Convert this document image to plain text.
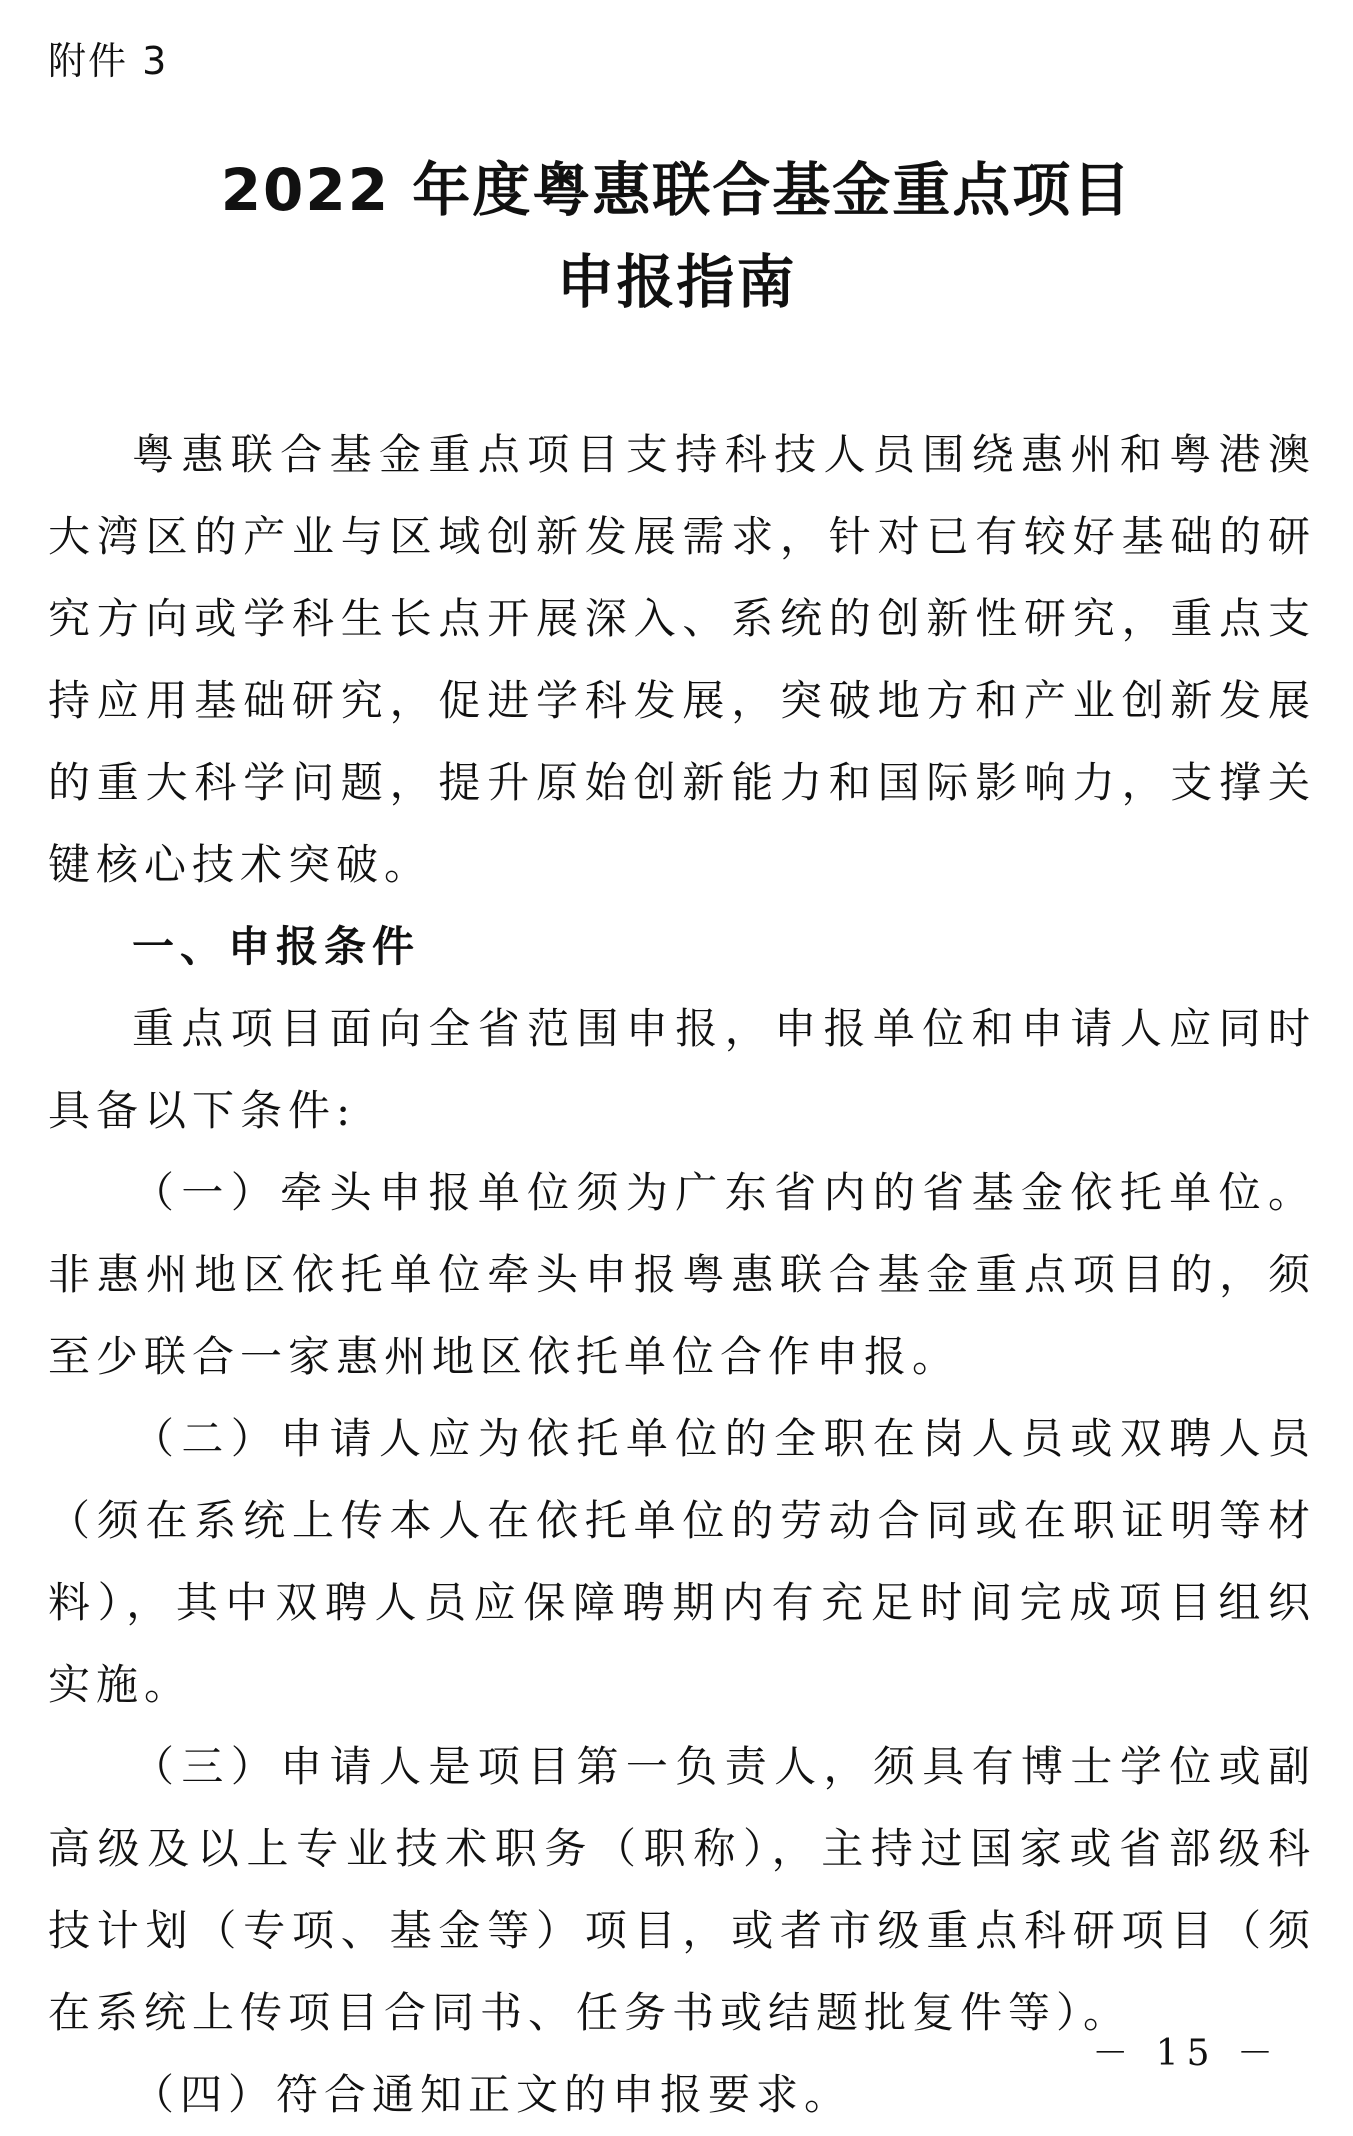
附件 3
2022 年度粤惠联合基金重点项目
申报指南

粤惠联合基金重点项目支持科技人员围绕惠州和粤港澳大湾区的产业与区域创新发展需求，针对已有较好基础的研究方向或学科生长点开展深入、系统的创新性研究，重点支持应用基础研究，促进学科发展，突破地方和产业创新发展的重大科学问题，提升原始创新能力和国际影响力，支撑关键核心技术突破。

一、申报条件

重点项目面向全省范围申报，申报单位和申请人应同时具备以下条件:

（一）牵头申报单位须为广东省内的省基金依托单位。非惠州地区依托单位牵头申报粤惠联合基金重点项目的，须至少联合一家惠州地区依托单位合作申报。

（二）申请人应为依托单位的全职在岗人员或双聘人员（须在系统上传本人在依托单位的劳动合同或在职证明等材料），其中双聘人员应保障聘期内有充足时间完成项目组织实施。

（三）申请人是项目第一负责人，须具有博士学位或副高级及以上专业技术职务（职称），主持过国家或省部级科技计划（专项、基金等）项目，或者市级重点科研项目（须在系统上传项目合同书、任务书或结题批复件等）。

（四）符合通知正文的申报要求。

－ 15 －
